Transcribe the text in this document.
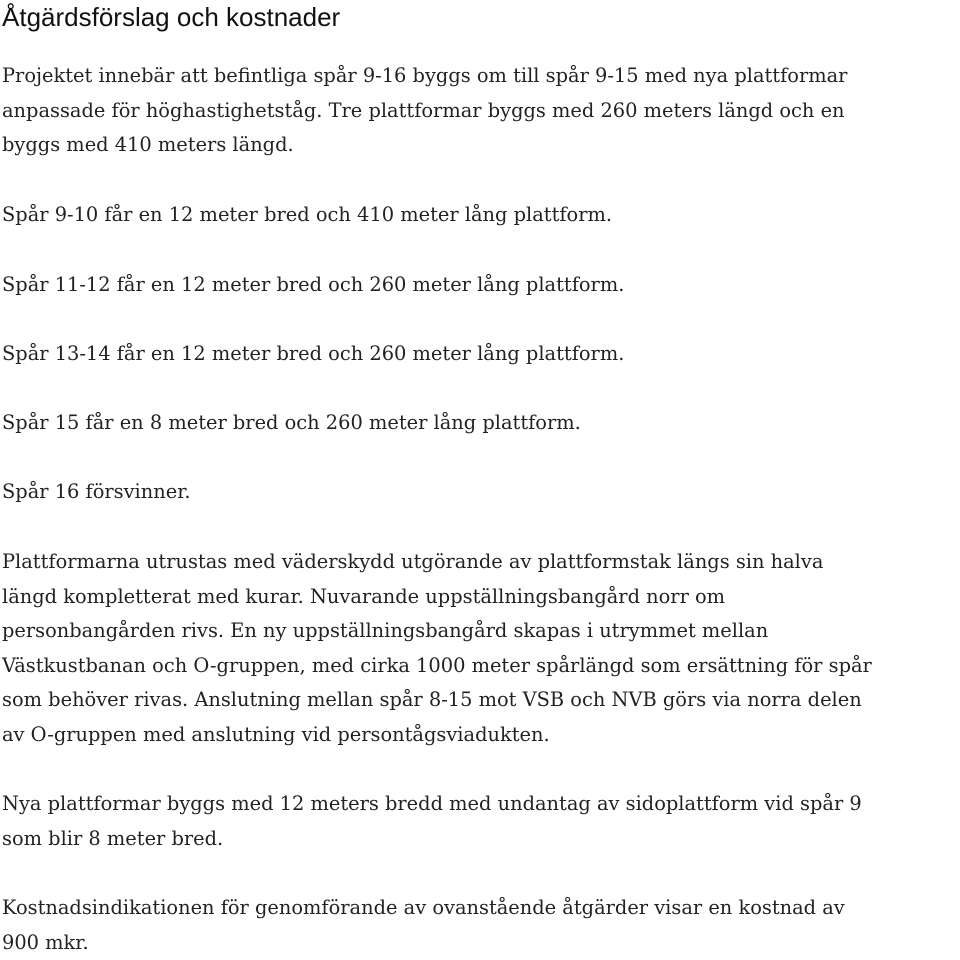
Åtgärdsförslag och kostnader

Projektet innebär att befintliga spår 9-16 byggs om till spår 9-15 med nya plattformar
anpassade för höghastighetståg. Tre plattformar byggs med 260 meters längd och en
byggs med 410 meters längd.

Spår 9-10 får en 12 meter bred och 410 meter lång plattform.

Spår 11-12 får en 12 meter bred och 260 meter lång plattform.

Spår 13-14 får en 12 meter bred och 260 meter lång plattform.

Spår 15 får en 8 meter bred och 260 meter lång plattform.

Spår 16 försvinner.

Plattformarna utrustas med väderskydd utgörande av plattformstak längs sin halva
längd kompletterat med kurar. Nuvarande uppställningsbangård norr om
personbangården rivs. En ny uppställningsbangård skapas i utrymmet mellan
Västkustbanan och O-gruppen, med cirka 1000 meter spårlängd som ersättning för spår
som behöver rivas. Anslutning mellan spår 8-15 mot VSB och NVB görs via norra delen
av O-gruppen med anslutning vid persontågsviadukten.

Nya plattformar byggs med 12 meters bredd med undantag av sidoplattform vid spår 9
som blir 8 meter bred.

Kostnadsindikationen för genomförande av ovanstående åtgärder visar en kostnad av
900 mkr.
